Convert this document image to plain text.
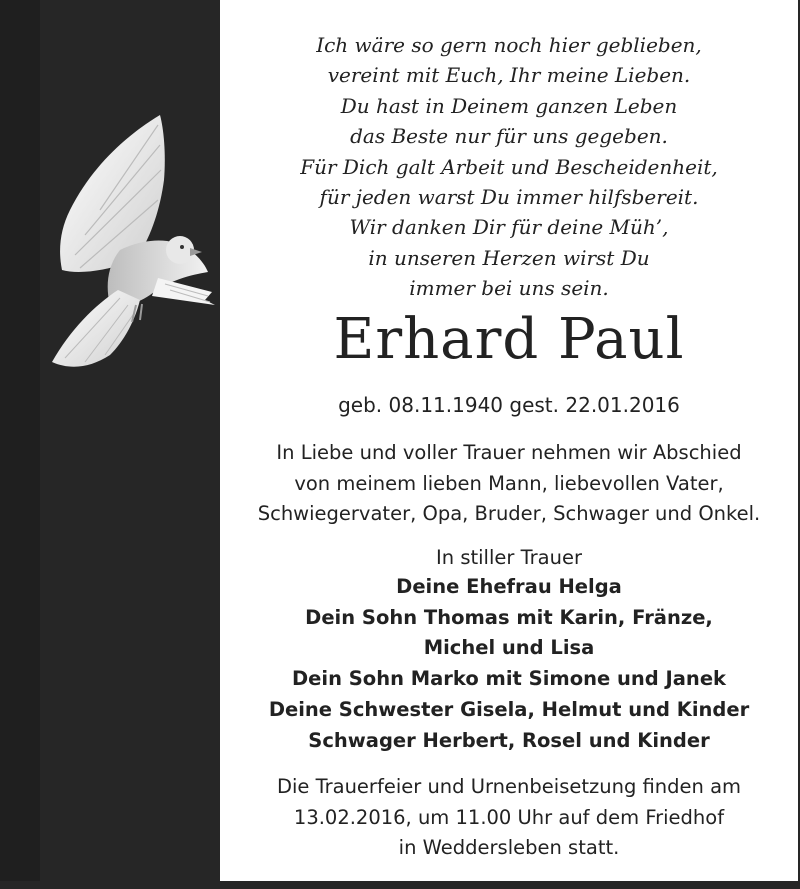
Ich wäre so gern noch hier geblieben,
vereint mit Euch, Ihr meine Lieben.
Du hast in Deinem ganzen Leben
das Beste nur für uns gegeben.
Für Dich galt Arbeit und Bescheidenheit,
für jeden warst Du immer hilfsbereit.
Wir danken Dir für deine Müh’,
in unseren Herzen wirst Du
immer bei uns sein.
Erhard Paul
geb. 08.11.1940 gest. 22.01.2016
In Liebe und voller Trauer nehmen wir Abschied
von meinem lieben Mann, liebevollen Vater,
Schwiegervater, Opa, Bruder, Schwager und Onkel.
In stiller Trauer
Deine Ehefrau Helga
Dein Sohn Thomas mit Karin, Fränze,
Michel und Lisa
Dein Sohn Marko mit Simone und Janek
Deine Schwester Gisela, Helmut und Kinder
Schwager Herbert, Rosel und Kinder
Die Trauerfeier und Urnenbeisetzung finden am
13.02.2016, um 11.00 Uhr auf dem Friedhof
in Weddersleben statt.
